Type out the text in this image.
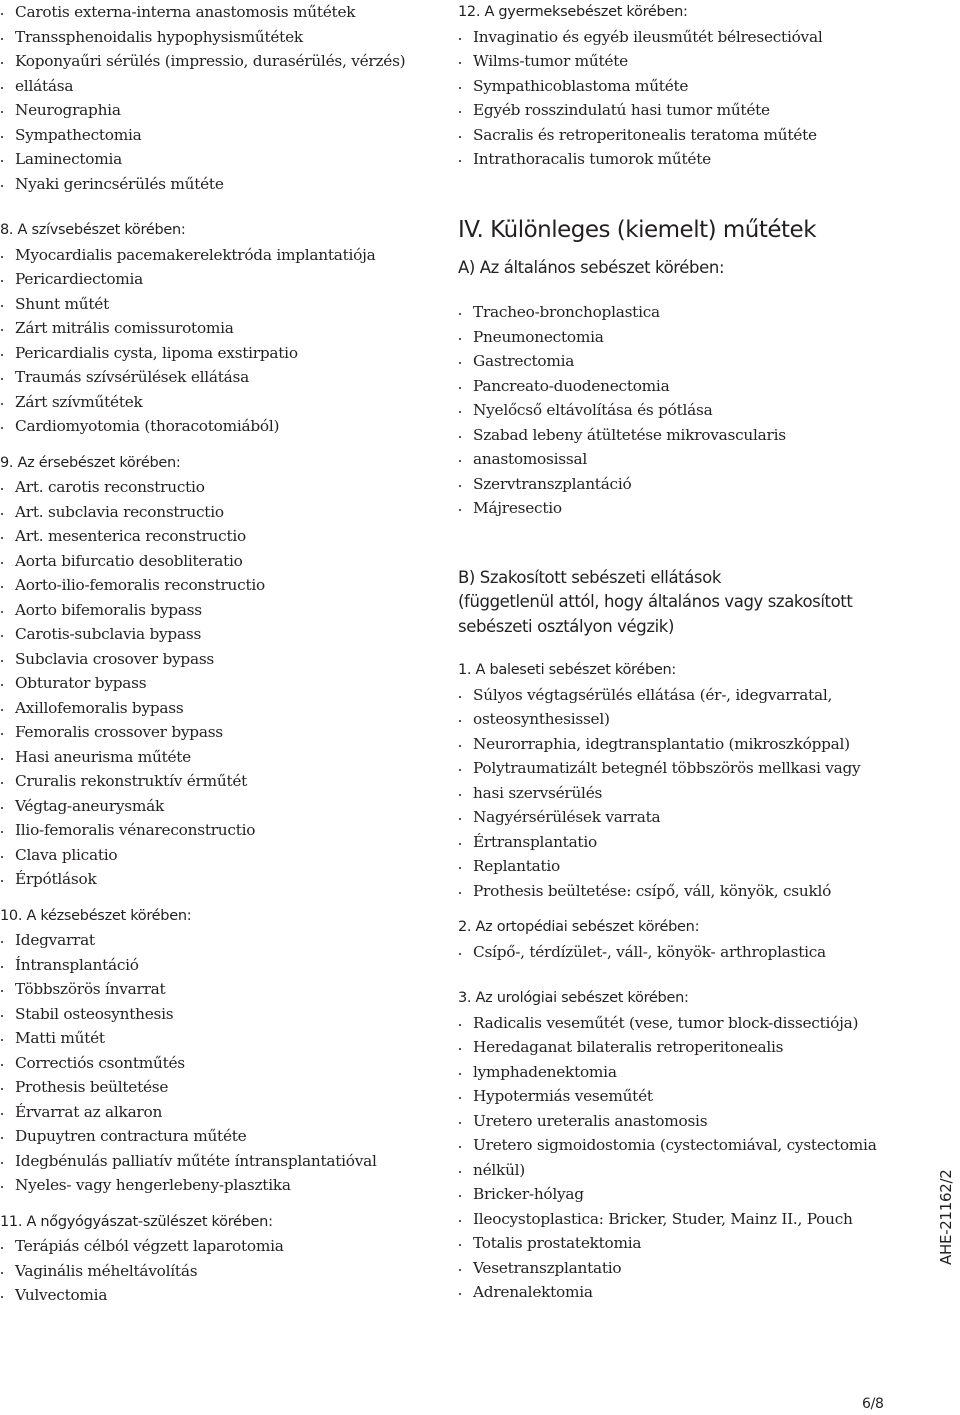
Carotis externa-interna anastomosis műtétek
Transsphenoidalis hypophysisműtétek
Koponyaűri sérülés (impressio, durasérülés, vérzés)
ellátása
Neurographia
Sympathectomia
Laminectomia
Nyaki gerincsérülés műtéte
8. A szívsebészet körében:
Myocardialis pacemakerelektróda implantatiója
Pericardiectomia
Shunt műtét
Zárt mitrális comissurotomia
Pericardialis cysta, lipoma exstirpatio
Traumás szívsérülések ellátása
Zárt szívműtétek
Cardiomyotomia (thoracotomiából)
9. Az érsebészet körében:
Art. carotis reconstructio
Art. subclavia reconstructio
Art. mesenterica reconstructio
Aorta bifurcatio desobliteratio
Aorto-ilio-femoralis reconstructio
Aorto bifemoralis bypass
Carotis-subclavia bypass
Subclavia crosover bypass
Obturator bypass
Axillofemoralis bypass
Femoralis crossover bypass
Hasi aneurisma műtéte
Cruralis rekonstruktív érműtét
Végtag-aneurysmák
Ilio-femoralis vénareconstructio
Clava plicatio
Érpótlások
10. A kézsebészet körében:
Idegvarrat
Íntransplantáció
Többszörös ínvarrat
Stabil osteosynthesis
Matti műtét
Correctiós csontműtés
Prothesis beültetése
Érvarrat az alkaron
Dupuytren contractura műtéte
Idegbénulás palliatív műtéte íntransplantatióval
Nyeles- vagy hengerlebeny-plasztika
11. A nőgyógyászat-szülészet körében:
Terápiás célból végzett laparotomia
Vaginális méheltávolítás
Vulvectomia
12. A gyermeksebészet körében:
Invaginatio és egyéb ileusműtét bélresectióval
Wilms-tumor műtéte
Sympathicoblastoma műtéte
Egyéb rosszindulatú hasi tumor műtéte
Sacralis és retroperitonealis teratoma műtéte
Intrathoracalis tumorok műtéte
IV. Különleges (kiemelt) műtétek
A) Az általános sebészet körében:
Tracheo-bronchoplastica
Pneumonectomia
Gastrectomia
Pancreato-duodenectomia
Nyelőcső eltávolítása és pótlása
Szabad lebeny átültetése mikrovascularis
anastomosissal
Szervtranszplantáció
Májresectio
B) Szakosított sebészeti ellátások
(függetlenül attól, hogy általános vagy szakosított
sebészeti osztályon végzik)
1. A baleseti sebészet körében:
Súlyos végtagsérülés ellátása (ér-, idegvarratal,
osteosynthesissel)
Neurorraphia, idegtransplantatio (mikroszkóppal)
Polytraumatizált betegnél többszörös mellkasi vagy
hasi szervsérülés
Nagyérsérülések varrata
Értransplantatio
Replantatio
Prothesis beültetése: csípő, váll, könyök, csukló
2. Az ortopédiai sebészet körében:
Csípő-, térdízület-, váll-, könyök- arthroplastica
3. Az urológiai sebészet körében:
Radicalis veseműtét (vese, tumor block-dissectiója)
Heredaganat bilateralis retroperitonealis
lymphadenektomia
Hypotermiás veseműtét
Uretero ureteralis anastomosis
Uretero sigmoidostomia (cystectomiával, cystectomia
nélkül)
Bricker-hólyag
Ileocystoplastica: Bricker, Studer, Mainz II., Pouch
Totalis prostatektomia
Vesetranszplantatio
Adrenalektomia
AHE-21162/2
6/8
